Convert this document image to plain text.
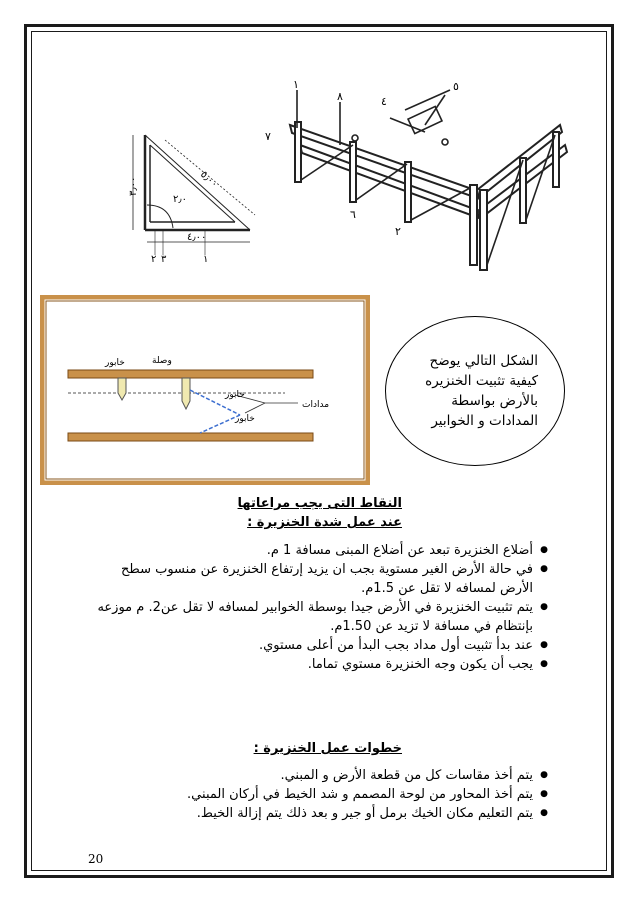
١
٨
٧
٤
٥
٦
٢
٥٫٠٠
٣٫٠٠
٤٫٠٠
٢٫٠
٢ ٣	١
خابور	وصلة
خابور
خابور
مدادات
الشكل التالي يوضح كيفية تثبيت الخنزيره بالأرض بواسطة المدادات و الخوابير
النقاط التى يجب مراعاتها
عند عمل شدة الخنزيرة :
● أضلاع الخنزيرة تبعد عن أضلاع المبنى مسافة 1 م.
● في حالة الأرض الغير مستوية بجب ان يزيد إرتفاع الخنزيرة عن منسوب سطح الأرض لمسافه لا تقل عن 1.5م.
● يتم تثبيت الخنزيرة في الأرض جيدا بوسطة الخوابير لمسافه لا تقل عن2. م موزعه بإنتظام في مسافة لا تزيد عن 1.50م.
● عند بدأ تثبيت أول مداد بجب البدأ من أعلى مستوي.
● يجب أن يكون وجه الخنزيرة مستوي تماما.
خطوات عمل الخنزيرة :
● يتم أخذ مقاسات كل من قطعة الأرض و المبني.
● يتم أخذ المحاور من لوحة المصمم و شد الخيط في أركان المبني.
● يتم التعليم مكان الخيك برمل أو جير و بعد ذلك يتم إزالة الخيط.
20
